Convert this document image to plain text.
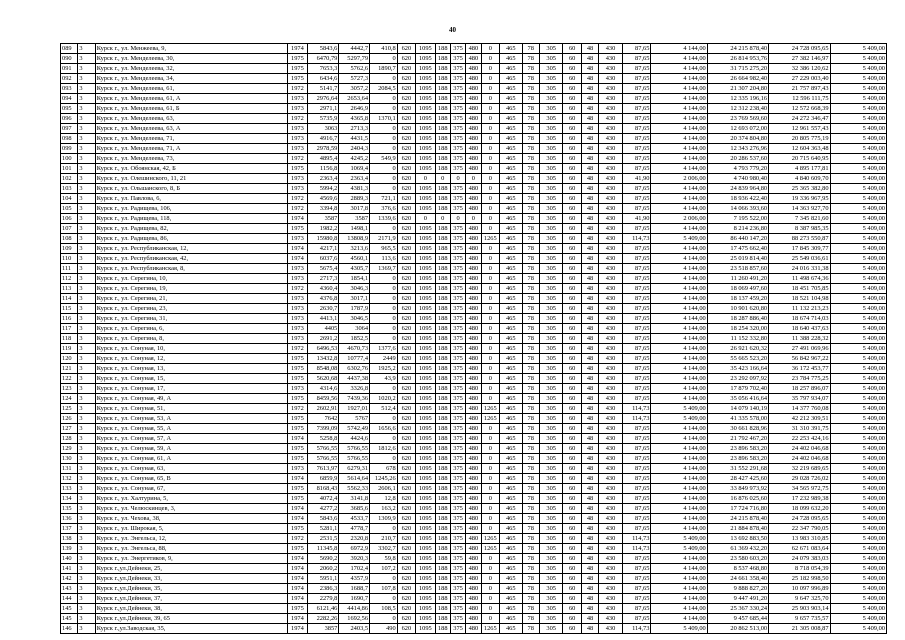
40
089	3	Курск г., ул. Менжеева, 9,	1974	5843,6	4442,7	410,8	620	1095	188	375	480	0	465	78	305	60	48	430	87,65	4 144,00	24 215 878,40	24 728 095,65	5 409,00
090	3	Курск г., ул. Менделеева, 30,	1975	6470,79	5297,79	0	620	1095	188	375	480	0	465	78	305	60	48	430	87,65	4 144,00	26 814 953,76	27 382 146,97	5 409,00
091	3	Курск г., ул. Менделеева, 32,	1975	7653,3	5762,6	1890,7	620	1095	188	375	480	0	465	78	305	60	48	430	87,65	4 144,00	31 715 275,20	32 386 120,62	5 409,00
092	3	Курск г., ул. Менделеева, 34,	1975	6434,6	5727,3	0	620	1095	188	375	480	0	465	78	305	60	48	430	87,65	4 144,00	26 664 982,40	27 229 003,40	5 409,00
093	3	Курск г., ул. Менделеева, 61,	1972	5141,7	3057,2	2084,5	620	1095	188	375	480	0	465	78	305	60	48	430	87,65	4 144,00	21 307 204,80	21 757 897,43	5 409,00
094	3	Курск г., ул. Менделеева, 61, А	1973	2976,64	2653,64	0	620	1095	188	375	480	0	465	78	305	60	48	430	87,65	4 144,00	12 335 196,16	12 596 111,75	5 409,00
095	3	Курск г., ул. Менделеева, 61, Б	1973	2971,1	2646,9	0	620	1095	188	375	480	0	465	78	305	60	48	430	87,65	4 144,00	12 312 238,40	12 572 668,39	5 409,00
096	3	Курск г., ул. Менделеева, 63,	1972	5735,9	4365,8	1370,1	620	1095	188	375	480	0	465	78	305	60	48	430	87,65	4 144,00	23 769 569,60	24 272 346,47	5 409,00
097	3	Курск г., ул. Менделеева, 63, А	1973	3063	2713,3	0	620	1095	188	375	480	0	465	78	305	60	48	430	87,65	4 144,00	12 693 072,00	12 961 557,43	5 409,00
098	3	Курск г., ул. Менделеева, 71,	1973	4916,7	4431,5	0	620	1095	188	375	480	0	465	78	305	60	48	430	87,65	4 144,00	20 374 804,80	20 805 775,19	5 409,00
099	3	Курск г., ул. Менделеева, 71, А	1973	2978,59	2404,3	0	620	1095	188	375	480	0	465	78	305	60	48	430	87,65	4 144,00	12 343 276,96	12 604 363,48	5 409,00
100	3	Курск г., ул. Менделеева, 73,	1972	4895,4	4245,2	549,9	620	1095	188	375	480	0	465	78	305	60	48	430	87,65	4 144,00	20 286 537,60	20 715 640,95	5 409,00
101	3	Курск г., ул. Обоянская, 42, Б	1975	1156,8	1069,4	0	620	1095	188	375	480	0	465	78	305	60	48	430	87,65	4 144,00	4 793 779,20	4 895 177,81	5 409,00
102	3	Курск г., ул. Олешинского, 11, 21	1973	2363,4	2363,4	0	620	0	0	0	0	0	465	78	305	60	48	430	41,90	2 006,00	4 740 980,40	4 840 609,70	5 409,00
103	3	Курск г., ул. Ольшанского, 8, Б	1973	5994,2	4381,3	0	620	1095	188	375	480	0	465	78	305	60	48	430	87,65	4 144,00	24 839 964,80	25 365 382,80	5 409,00
104	3	Курск г., ул. Павлова, 6,	1972	4569,6	2889,3	721,1	620	1095	188	375	480	0	465	78	305	60	48	430	87,65	4 144,00	18 936 422,40	19 336 967,95	5 409,00
105	3	Курск г., ул. Радищева, 106,	1972	3394,8	3017,8	376,6	620	1095	188	375	480	0	465	78	305	60	48	430	87,65	4 144,00	14 066 393,60	14 363 927,70	5 409,00
106	3	Курск г., ул. Радищева, 118,	1974	3587	3587	1339,6	620	0	0	0	0	0	465	78	305	60	48	430	41,90	2 006,00	7 195 522,00	7 345 821,60	5 409,00
107	3	Курск г., ул. Радищева, 82,	1975	1982,2	1498,1	0	620	1095	188	375	480	0	465	78	305	60	48	430	87,65	4 144,00	8 214 236,80	8 387 985,35	5 409,00
108	3	Курск г., ул. Радищева, 86,	1973	15980,8	13808,9	2171,9	620	1095	188	375	480	1265	465	78	305	60	48	430	114,73	5 409,00	86 440 147,20	88 273 550,87	5 409,00
109	3	Курск г., ул. Республиканская, 12,	1974	4217,1	3213,6	965,5	620	1095	188	375	480	0	465	78	305	60	48	430	87,65	4 144,00	17 475 662,40	17 845 309,77	5 409,00
110	3	Курск г., ул. Республиканская, 42,	1974	6037,6	4560,1	113,6	620	1095	188	375	480	0	465	78	305	60	48	430	87,65	4 144,00	25 019 814,40	25 549 036,61	5 409,00
111	3	Курск г., ул. Республиканская, 8,	1973	5675,4	4305,7	1369,7	620	1095	188	375	480	0	465	78	305	60	48	430	87,65	4 144,00	23 518 857,60	24 016 331,38	5 409,00
112	3	Курск г., ул. Серегина, 10,	1973	2717,3	1854,1	0	620	1095	188	375	480	0	465	78	305	60	48	430	87,65	4 144,00	11 260 491,20	11 498 674,36	5 409,00
113	3	Курск г., ул. Серегина, 19,	1972	4360,4	3046,3	0	620	1095	188	375	480	0	465	78	305	60	48	430	87,65	4 144,00	18 069 497,60	18 451 705,85	5 409,00
114	3	Курск г., ул. Серегина, 21,	1973	4376,8	3017,1	0	620	1095	188	375	480	0	465	78	305	60	48	430	87,65	4 144,00	18 137 459,20	18 521 104,98	5 409,00
115	3	Курск г., ул. Серегина, 23,	1973	2630,7	1787,9	0	620	1095	188	375	480	0	465	78	305	60	48	430	87,65	4 144,00	10 901 620,80	11 132 213,23	5 409,00
116	3	Курск г., ул. Серегина, 31,	1973	4413,1	3046,5	0	620	1095	188	375	480	0	465	78	305	60	48	430	87,65	4 144,00	18 287 886,40	18 674 714,03	5 409,00
117	3	Курск г., ул. Серегина, 6,	1973	4405	3064	0	620	1095	188	375	480	0	465	78	305	60	48	430	87,65	4 144,00	18 254 320,00	18 640 437,63	5 409,00
118	3	Курск г., ул. Серегина, 8,	1973	2691,2	1852,5	0	620	1095	188	375	480	0	465	78	305	60	48	430	87,65	4 144,00	11 152 332,80	11 388 228,32	5 409,00
119	3	Курск г., ул. Сонуная, 10,	1972	6496,53	4670,73	1377,6	620	1095	188	375	480	0	465	78	305	60	48	430	87,65	4 144,00	26 921 620,32	27 491 069,96	5 409,00
120	3	Курск г., ул. Сонуная, 12,	1975	13432,8	10777,4	2449	620	1095	188	375	480	0	465	78	305	60	48	430	87,65	4 144,00	55 665 523,20	56 842 967,22	5 409,00
121	3	Курск г., ул. Сонуная, 13,	1975	8548,08	6302,76	1925,2	620	1095	188	375	480	0	465	78	305	60	48	430	87,65	4 144,00	35 423 166,64	36 172 453,77	5 409,00
122	3	Курск г., ул. Сонуная, 15,	1975	5620,68	4437,38	43,9	620	1095	188	375	480	0	465	78	305	60	48	430	87,65	4 144,00	23 292 097,92	23 784 775,25	5 409,00
123	3	Курск г., ул. Сонуная, 17,	1973	4314,6	3326,8	0	620	1095	188	375	480	0	465	78	305	60	48	430	87,65	4 144,00	17 879 702,40	18 257 896,07	5 409,00
124	3	Курск г., ул. Сонуная, 49, А	1975	8459,56	7439,36	1020,2	620	1095	188	375	480	0	465	78	305	60	48	430	87,65	4 144,00	35 056 416,64	35 797 934,07	5 409,00
125	3	Курск г., ул. Сонуная, 51,	1972	2602,91	1927,01	512,4	620	1095	188	375	480	1265	465	78	305	60	48	430	114,73	5 409,00	14 079 140,19	14 377 760,08	5 409,00
126	3	Курск г., ул. Сонуная, 53, А	1975	7642	5767	0	620	1095	188	375	480	1265	465	78	305	60	48	430	114,73	5 409,00	41 335 578,00	42 212 309,51	5 409,00
127	3	Курск г., ул. Сонуная, 55, А	1975	7399,09	5742,49	1656,6	620	1095	188	375	480	0	465	78	305	60	48	430	87,65	4 144,00	30 661 828,96	31 310 391,75	5 409,00
128	3	Курск г., ул. Сонуная, 57, А	1974	5258,8	4424,6	0	620	1095	188	375	480	0	465	78	305	60	48	430	87,65	4 144,00	21 792 467,20	22 253 424,16	5 409,00
129	3	Курск г., ул. Сонуная, 59, А	1975	5766,55	5766,55	1812,6	620	1095	188	375	480	0	465	78	305	60	48	430	87,65	4 144,00	23 896 583,20	24 402 046,68	5 409,00
130	3	Курск г., ул. Сонуная, 61, А	1975	5766,55	5766,55	0	620	1095	188	375	480	0	465	78	305	60	48	430	87,65	4 144,00	23 896 583,20	24 402 046,68	5 409,00
131	3	Курск г., ул. Сонуная, 63,	1973	7613,97	6279,31	678	620	1095	188	375	480	0	465	78	305	60	48	430	87,65	4 144,00	31 552 291,68	32 219 689,65	5 409,00
132	3	Курск г., ул. Сонуная, 65, В	1974	6859,9	5614,64	1245,26	620	1095	188	375	480	0	465	78	305	60	48	430	87,65	4 144,00	28 427 425,60	29 028 726,02	5 409,00
133	3	Курск г., ул. Сонуная, 67,	1975	8168,43	5562,33	2606,1	620	1095	188	375	480	0	465	78	305	60	48	430	87,65	4 144,00	33 849 973,92	34 565 972,75	5 409,00
134	3	Курск г., ул. Халтурина, 5,	1975	4072,4	3141,8	12,8	620	1095	188	375	480	0	465	78	305	60	48	430	87,65	4 144,00	16 876 025,60	17 232 989,38	5 409,00
135	3	Курск г., ул. Челюскинцев, 3,	1974	4277,2	3685,6	163,2	620	1095	188	375	480	0	465	78	305	60	48	430	87,65	4 144,00	17 724 716,80	18 099 632,20	5 409,00
136	3	Курск г., ул. Чехова, 38,	1974	5843,6	4533,7	1309,9	620	1095	188	375	480	0	465	78	305	60	48	430	87,65	4 144,00	24 215 878,40	24 728 095,65	5 409,00
137	3	Курск г., ул. Широкая, 5,	1975	5281,1	4778,7	0	620	1095	188	375	480	0	465	78	305	60	48	430	87,65	4 144,00	21 884 878,40	22 347 790,05	5 409,00
138	3	Курск г., ул. Энгельса, 12,	1972	2531,5	2320,8	210,7	620	1095	188	375	480	1265	465	78	305	60	48	430	114,73	5 409,00	13 692 883,50	13 983 310,85	5 409,00
139	3	Курск г., ул. Энгельса, 88,	1975	11345,8	6972,9	3302,7	620	1095	188	375	480	1265	465	78	305	60	48	430	114,73	5 409,00	61 369 432,20	62 671 083,64	5 409,00
140	3	Курск г., ул. Энергетиков, 9,	1974	5690,2	3920,3	59,8	620	1095	188	375	480	0	465	78	305	60	48	430	87,65	4 144,00	23 580 603,20	24 079 383,03	5 409,00
141	3	Курск г.,ул.Дейнеки, 25,	1974	2060,2	1702,4	107,2	620	1095	188	375	480	0	465	78	305	60	48	430	87,65	4 144,00	8 537 468,80	8 718 054,39	5 409,00
142	3	Курск г.,ул.Дейнеки, 33,	1974	5951,1	4357,9	0	620	1095	188	375	480	0	465	78	305	60	48	430	87,65	4 144,00	24 661 358,40	25 182 998,50	5 409,00
143	3	Курск г.,ул.Дейнеки, 35,	1974	2386,3	1688,7	107,8	620	1095	188	375	480	0	465	78	305	60	48	430	87,65	4 144,00	9 888 827,20	10 097 996,89	5 409,00
144	3	Курск г.,ул.Дейнеки, 37,	1974	2279,8	1690,7	0	620	1095	188	375	480	0	465	78	305	60	48	430	87,65	4 144,00	9 447 491,20	9 647 325,70	5 409,00
145	3	Курск г.,ул.Дейнеки, 38,	1975	6121,46	4414,86	108,5	620	1095	188	375	480	0	465	78	305	60	48	430	87,65	4 144,00	25 367 330,24	25 903 903,14	5 409,00
145	3	Курск г.,ул.Дейнеки, 39, 65	1974	2282,26	1692,56	0	620	1095	188	375	480	0	465	78	305	60	48	430	87,65	4 144,00	9 457 685,44	9 657 735,57	5 409,00
146	3	Курск г.,ул.Заводская, 35,	1974	3857	2403,5	490	620	1095	188	375	480	1265	465	78	305	60	48	430	114,73	5 409,00	20 862 513,00	21 305 008,87	5 409,00
